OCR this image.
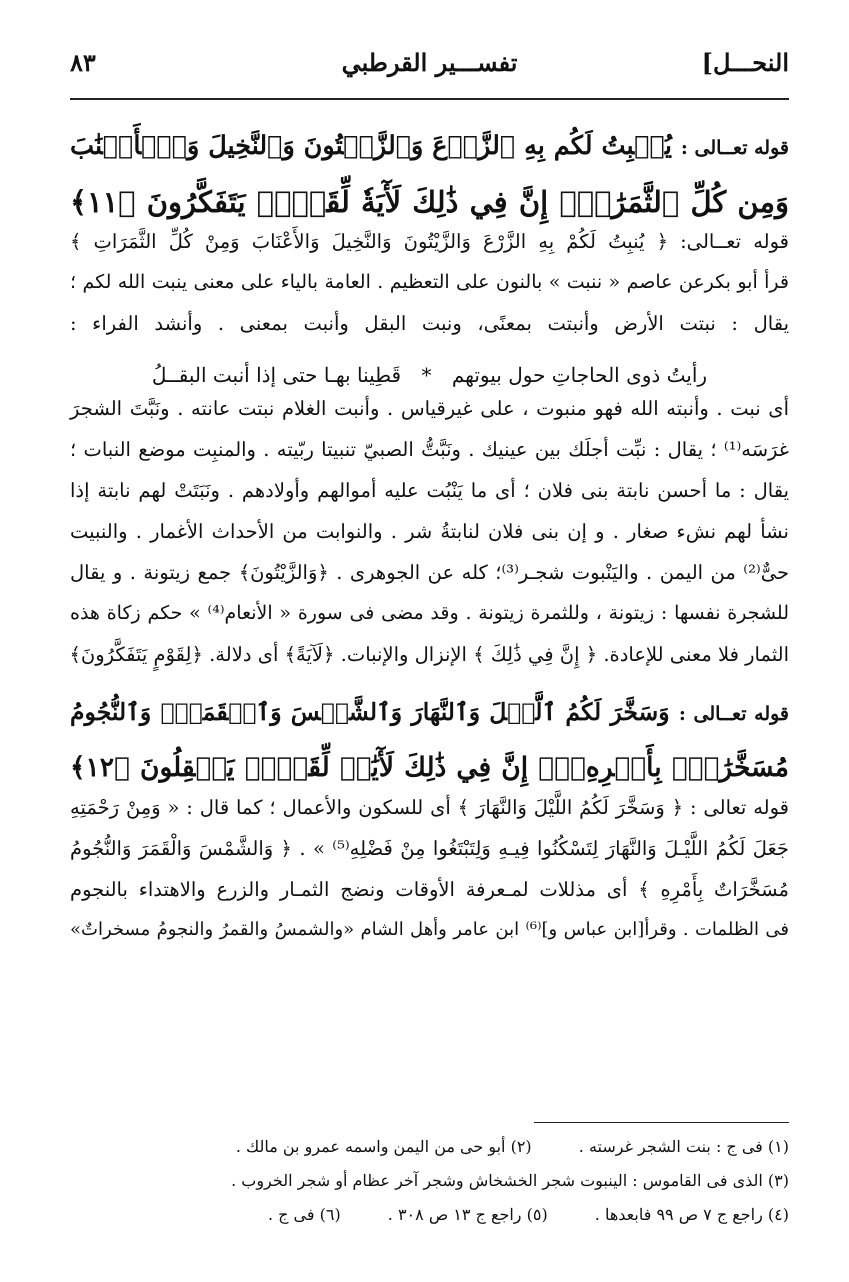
النحـــل]
تفســـير القرطبي
٨٣
قوله تعــالى : يُنۢبِتُ لَكُم بِهِ ٱلزَّرۡعَ وَٱلزَّيۡتُونَ وَٱلنَّخِيلَ وَٱلۡأَعۡنَٰبَ
وَمِن كُلِّ ٱلثَّمَرَٰتِۚ إِنَّ فِي ذَٰلِكَ لَأٓيَةٗ لِّقَوۡمٖ يَتَفَكَّرُونَ ﴿١١﴾
قوله تعــالى: ﴿ يُنبِتُ لَكُمْ بِهِ الزَّرْعَ وَالزَّيْتُونَ وَالنَّخِيلَ وَالأَعْنَابَ وَمِنْ كُلِّ الثَّمَرَاتِ ﴾
قرأ أبو بكرعن عاصم « ننبت » بالنون على التعظيم . العامة بالياء على معنى ينبت الله لكم ؛
يقال : نبتت الأرض وأنبتت بمعنًى، ونبت البقل وأنبت بمعنى . وأنشد الفراء :
رأيتُ ذوى الحاجاتِ حول بيوتهم * قَطِينا بهـا حتى إذا أنبت البقــلُ
أى نبت . وأنبته الله فهو منبوت ، على غيرقياس . وأنبت الغلام نبتت عانته . ونَبَّتَ الشجرَ
غرَسَه⁽¹⁾ ؛ يقال : نبِّت أجلَك بين عينيك . ونَبَّتُّ الصبيّ تنبيتا ربّيته . والمنبِت موضع النبات ؛
يقال : ما أحسن نابتة بنى فلان ؛ أى ما يَنْبُت عليه أموالهم وأولادهم . ونَبَتَتْ لهم نابتة إذا
نشأ لهم نشء صغار . و إن بنى فلان لنابتةُ شر . والنوابت من الأحداث الأغمار . والنبيت
حىٌّ⁽²⁾ من اليمن . واليَنْبوت شجـر⁽³⁾؛ كله عن الجوهرى . ﴿وَالزَّيْتُونَ﴾ جمع زيتونة . و يقال
للشجرة نفسها : زيتونة ، وللثمرة زيتونة . وقد مضى فى سورة « الأنعام⁽⁴⁾ » حكم زكاة هذه
الثمار فلا معنى للإعادة. ﴿ إِنَّ فِي ذَٰلِكَ ﴾ الإنزال والإنبات. ﴿لَآيَةً﴾ أى دلالة. ﴿لِقَوْمٍ يَتَفَكَّرُونَ﴾
قوله تعــالى : وَسَخَّرَ لَكُمُ ٱلَّيۡلَ وَٱلنَّهَارَ وَٱلشَّمۡسَ وَٱلۡقَمَرَۖ وَٱلنُّجُومُ
مُسَخَّرَٰتُۢ بِأَمۡرِهِۦٓۚ إِنَّ فِي ذَٰلِكَ لَأٓيَٰتٖ لِّقَوۡمٖ يَعۡقِلُونَ ﴿١٢﴾
قوله تعالى : ﴿ وَسَخَّرَ لَكُمُ اللَّيْلَ وَالنَّهَارَ ﴾ أى للسكون والأعمال ؛ كما قال : « وَمِنْ رَحْمَتِهِ
جَعَلَ لَكُمُ اللَّيْـلَ وَالنَّهَارَ لِتَسْكُنُوا فِيـهِ وَلِتَبْتَغُوا مِنْ فَضْلِهِ⁽⁵⁾ » . ﴿ وَالشَّمْسَ وَالْقَمَرَ وَالنُّجُومُ
مُسَخَّرَاتٌ بِأَمْرِهِ ﴾ أى مذللات لمـعرفة الأوقات ونضج الثمـار والزرع والاهتداء بالنجوم
فى الظلمات . وقرأ[ابن عباس و]⁽⁶⁾ ابن عامر وأهل الشام «والشمسُ والقمرُ والنجومُ مسخراتٌ»
(١) فى ج : بنت الشجر غرسته . (٢) أبو حى من اليمن واسمه عمرو بن مالك .
(٣) الذى فى القاموس : الينبوت شجر الخشخاش وشجر آخر عظام أو شجر الخروب .
(٤) راجع ج ٧ ص ٩٩ فابعدها . (٥) راجع ج ١٣ ص ٣٠٨ . (٦) فى ج .
